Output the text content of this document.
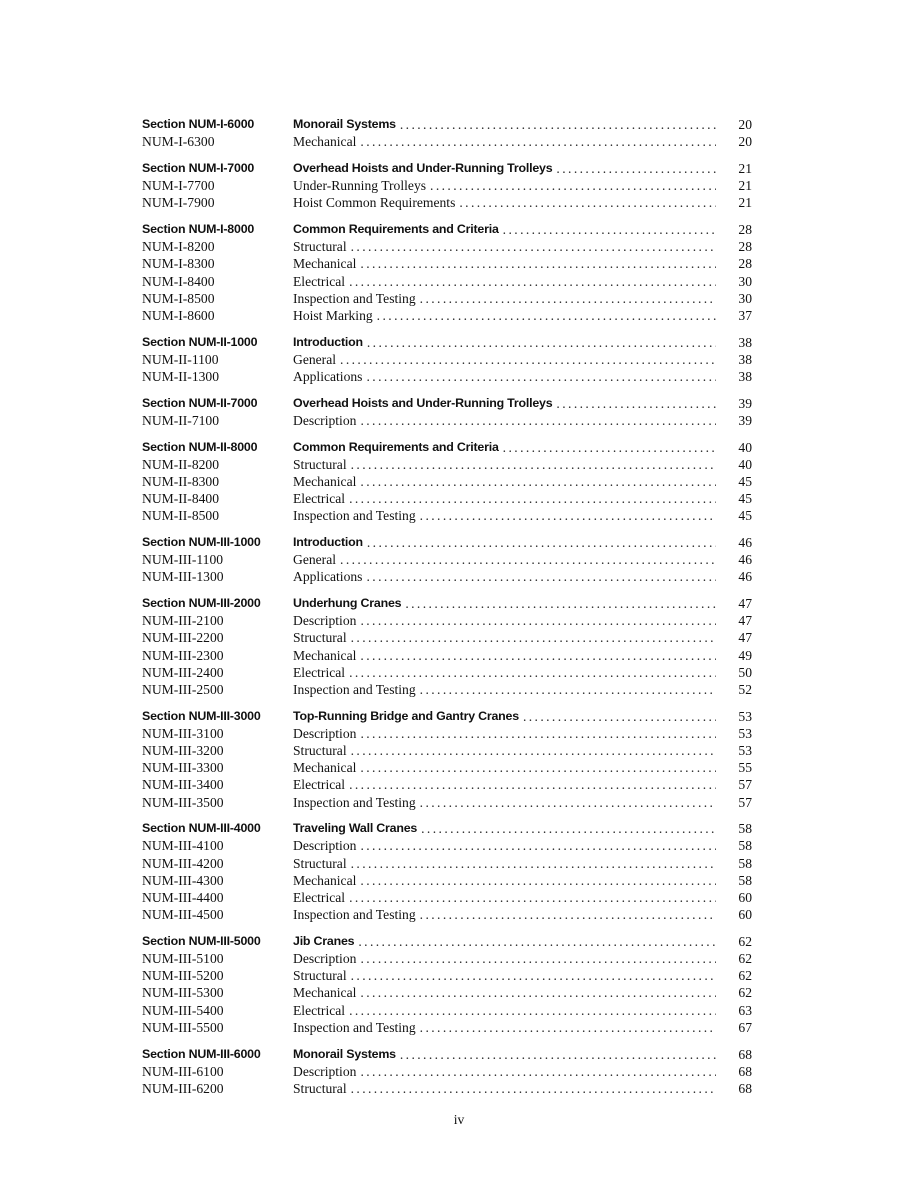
Section NUM-I-6000	Monorail Systems .....	20
NUM-I-6300	Mechanical .....	20
Section NUM-I-7000	Overhead Hoists and Under-Running Trolleys .....	21
NUM-I-7700	Under-Running Trolleys .....	21
NUM-I-7900	Hoist Common Requirements .....	21
Section NUM-I-8000	Common Requirements and Criteria .....	28
NUM-I-8200	Structural .....	28
NUM-I-8300	Mechanical .....	28
NUM-I-8400	Electrical .....	30
NUM-I-8500	Inspection and Testing .....	30
NUM-I-8600	Hoist Marking .....	37
Section NUM-II-1000	Introduction .....	38
NUM-II-1100	General .....	38
NUM-II-1300	Applications .....	38
Section NUM-II-7000	Overhead Hoists and Under-Running Trolleys .....	39
NUM-II-7100	Description .....	39
Section NUM-II-8000	Common Requirements and Criteria .....	40
NUM-II-8200	Structural .....	40
NUM-II-8300	Mechanical .....	45
NUM-II-8400	Electrical .....	45
NUM-II-8500	Inspection and Testing .....	45
Section NUM-III-1000	Introduction .....	46
NUM-III-1100	General .....	46
NUM-III-1300	Applications .....	46
Section NUM-III-2000	Underhung Cranes .....	47
NUM-III-2100	Description .....	47
NUM-III-2200	Structural .....	47
NUM-III-2300	Mechanical .....	49
NUM-III-2400	Electrical .....	50
NUM-III-2500	Inspection and Testing .....	52
Section NUM-III-3000	Top-Running Bridge and Gantry Cranes .....	53
NUM-III-3100	Description .....	53
NUM-III-3200	Structural .....	53
NUM-III-3300	Mechanical .....	55
NUM-III-3400	Electrical .....	57
NUM-III-3500	Inspection and Testing .....	57
Section NUM-III-4000	Traveling Wall Cranes .....	58
NUM-III-4100	Description .....	58
NUM-III-4200	Structural .....	58
NUM-III-4300	Mechanical .....	58
NUM-III-4400	Electrical .....	60
NUM-III-4500	Inspection and Testing .....	60
Section NUM-III-5000	Jib Cranes .....	62
NUM-III-5100	Description .....	62
NUM-III-5200	Structural .....	62
NUM-III-5300	Mechanical .....	62
NUM-III-5400	Electrical .....	63
NUM-III-5500	Inspection and Testing .....	67
Section NUM-III-6000	Monorail Systems .....	68
NUM-III-6100	Description .....	68
NUM-III-6200	Structural .....	68
iv
